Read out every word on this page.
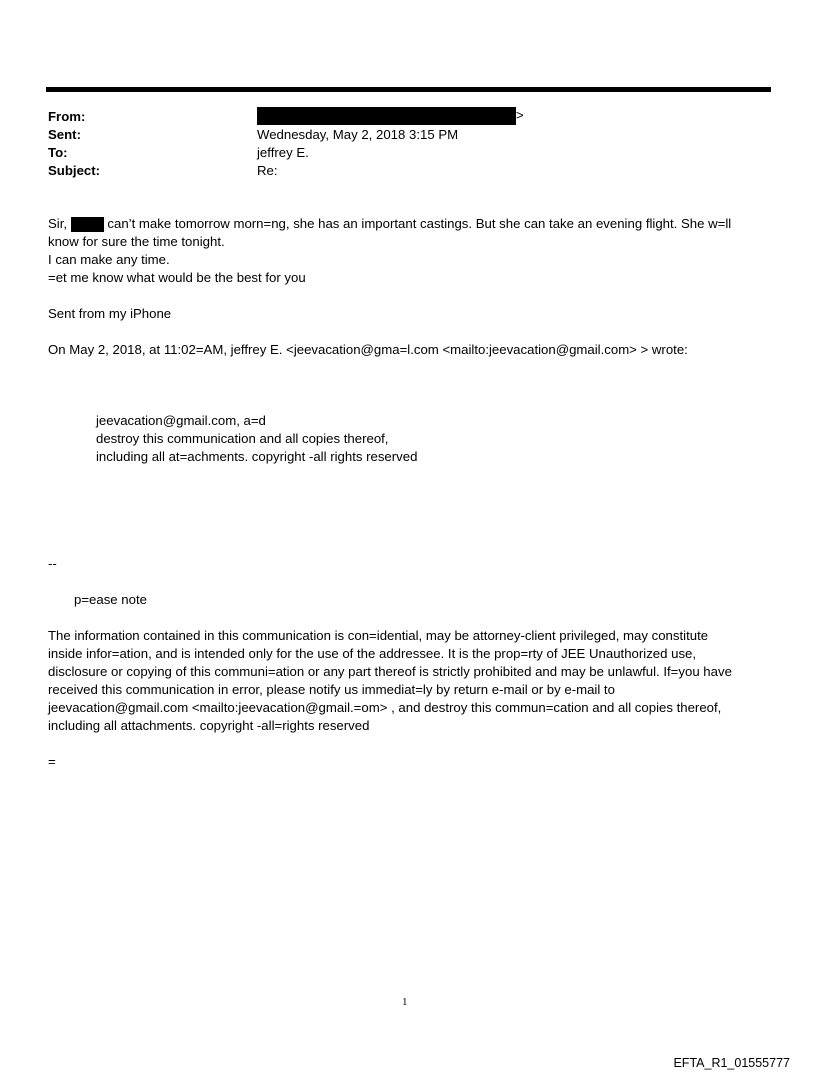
From:	>
Sent:	Wednesday, May 2, 2018 3:15 PM
To:	jeffrey E.
Subject:	Re:
Sir,	can’t make tomorrow morn=ng, she has an important castings. But she can take an evening flight. She w=ll
know for sure the time tonight.
I can make any time.
=et me know what would be the best for you
Sent from my iPhone
On May 2, 2018, at 11:02=AM, jeffrey E. <jeevacation@gma=l.com <mailto:jeevacation@gmail.com> > wrote:
jeevacation@gmail.com, a=d
destroy this communication and all copies thereof,
including all at=achments. copyright -all rights reserved
--
p=ease note
The information contained in this communication is con=idential, may be attorney-client privileged, may constitute
inside infor=ation, and is intended only for the use of the addressee. It is the prop=rty of JEE Unauthorized use,
disclosure or copying of this communi=ation or any part thereof is strictly prohibited and may be unlawful. If=you have
received this communication in error, please notify us immediat=ly by return e-mail or by e-mail to
jeevacation@gmail.com <mailto:jeevacation@gmail.=om> , and destroy this commun=cation and all copies thereof,
including all attachments. copyright -all=rights reserved
=
1
EFTA_R1_01555777
